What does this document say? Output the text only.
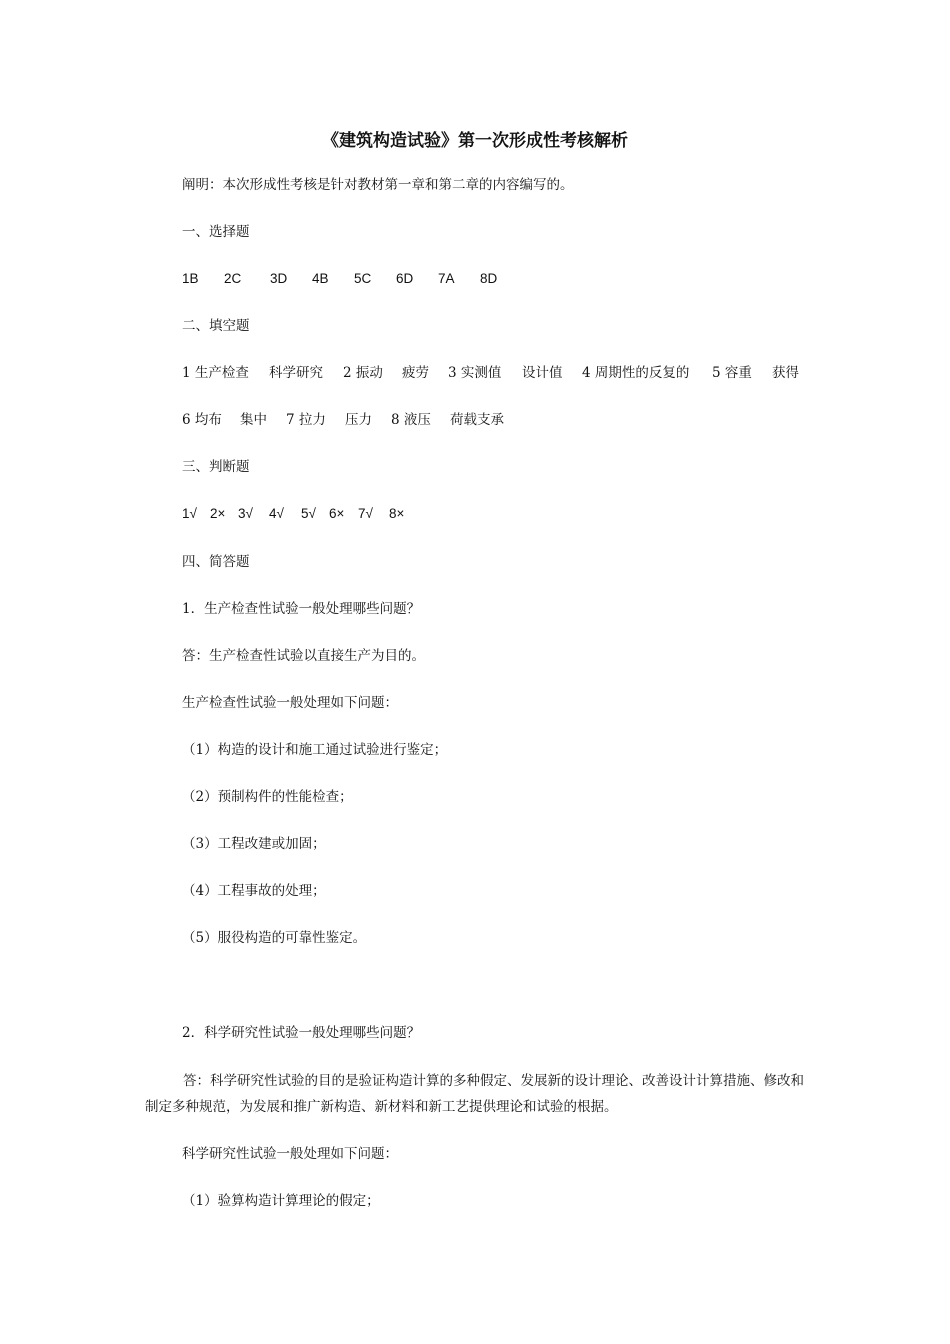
《建筑构造试验》第一次形成性考核解析
阐明：本次形成性考核是针对教材第一章和第二章的内容编写的。
一、选择题
1B 2C 3D 4B 5C 6D 7A 8D
二、填空题
1 生产检查 科学研究 2 振动 疲劳 3 实测值 设计值 4 周期性的反复的 5 容重 获得
6 均布 集中 7 拉力 压力 8 液压 荷载支承
三、判断题
1√ 2× 3√ 4√ 5√ 6× 7√ 8×
四、简答题
1．生产检查性试验一般处理哪些问题？
答：生产检查性试验以直接生产为目的。
生产检查性试验一般处理如下问题：
（1）构造的设计和施工通过试验进行鉴定；
（2）预制构件的性能检查；
（3）工程改建或加固；
（4）工程事故的处理；
（5）服役构造的可靠性鉴定。
2．科学研究性试验一般处理哪些问题？
答：科学研究性试验的目的是验证构造计算的多种假定、发展新的设计理论、改善设计计算措施、修改和制定多种规范，为发展和推广新构造、新材料和新工艺提供理论和试验的根据。
科学研究性试验一般处理如下问题：
（1）验算构造计算理论的假定；
